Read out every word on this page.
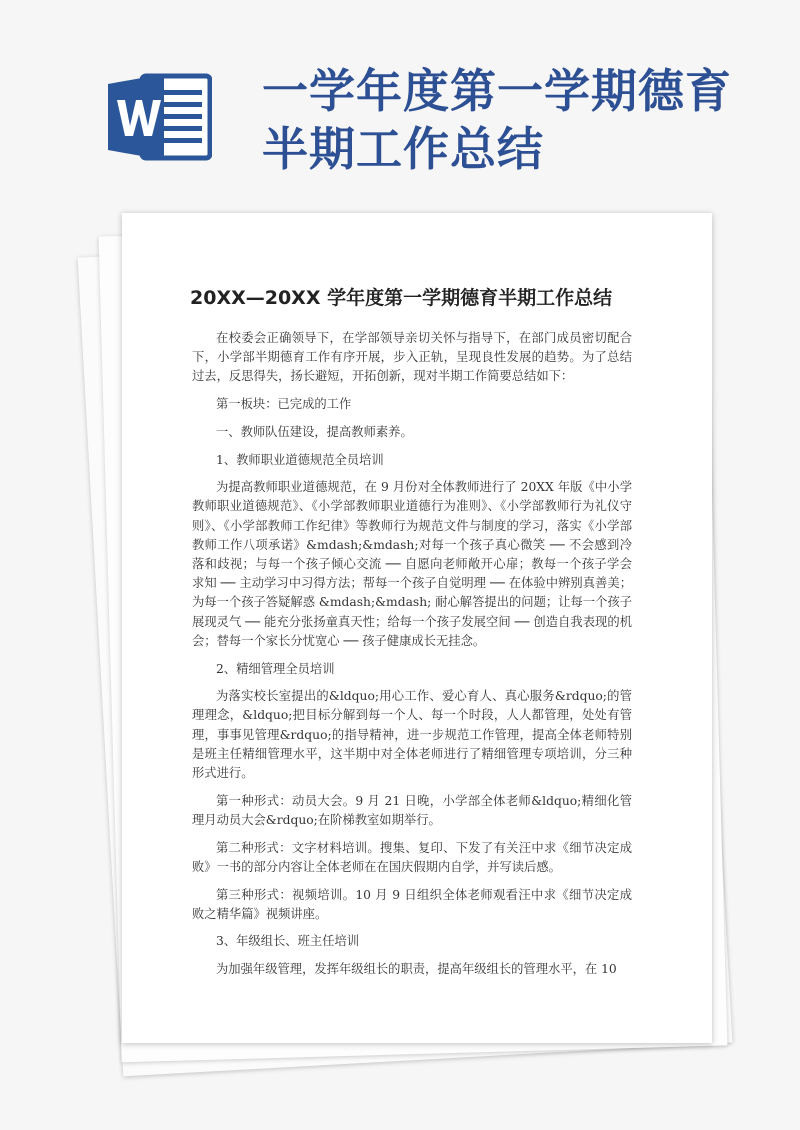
一学年度第一学期德育
半期工作总结
20XX—20XX 学年度第一学期德育半期工作总结

在校委会正确领导下，在学部领导亲切关怀与指导下，在部门成员密切配合下，小学部半期德育工作有序开展，步入正轨，呈现良性发展的趋势。为了总结过去，反思得失，扬长避短，开拓创新，现对半期工作简要总结如下：

第一板块：已完成的工作

一、教师队伍建设，提高教师素养。

1、教师职业道德规范全员培训

为提高教师职业道德规范，在 9 月份对全体教师进行了 20XX 年版《中小学教师职业道德规范》、《小学部教师职业道德行为准则》、《小学部教师行为礼仪守则》、《小学部教师工作纪律》等教师行为规范文件与制度的学习，落实《小学部教师工作八项承诺》&mdash;&mdash;对每一个孩子真心微笑 ── 不会感到冷落和歧视；与每一个孩子倾心交流 ── 自愿向老师敞开心扉；教每一个孩子学会求知 ── 主动学习中习得方法；帮每一个孩子自觉明理 ── 在体验中辨别真善美；为每一个孩子答疑解惑 &mdash;&mdash; 耐心解答提出的问题；让每一个孩子展现灵气 ── 能充分张扬童真天性；给每一个孩子发展空间 ── 创造自我表现的机会；替每一个家长分忧宽心 ── 孩子健康成长无挂念。

2、精细管理全员培训

为落实校长室提出的&ldquo;用心工作、爱心育人、真心服务&rdquo;的管理理念，&ldquo;把目标分解到每一个人、每一个时段，人人都管理，处处有管理，事事见管理&rdquo;的指导精神，进一步规范工作管理，提高全体老师特别是班主任精细管理水平，这半期中对全体老师进行了精细管理专项培训，分三种形式进行。

第一种形式：动员大会。9 月 21 日晚，小学部全体老师&ldquo;精细化管理月动员大会&rdquo;在阶梯教室如期举行。

第二种形式：文字材料培训。搜集、复印、下发了有关汪中求《细节决定成败》一书的部分内容让全体老师在在国庆假期内自学，并写读后感。

第三种形式：视频培训。10 月 9 日组织全体老师观看汪中求《细节决定成败之精华篇》视频讲座。

3、年级组长、班主任培训

为加强年级管理，发挥年级组长的职责，提高年级组长的管理水平，在 10
